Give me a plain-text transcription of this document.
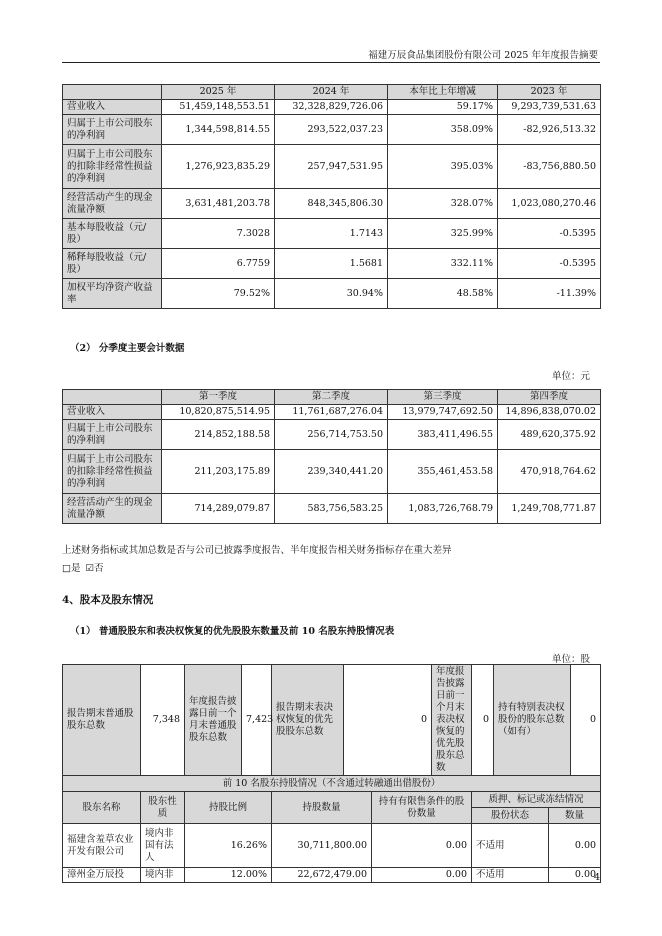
福建万辰食品集团股份有限公司 2025 年年度报告摘要
	2025 年	2024 年	本年比上年增减	2023 年
营业收入	51,459,148,553.51	32,328,829,726.06	59.17%	9,293,739,531.63
归属于上市公司股东的净利润	1,344,598,814.55	293,522,037.23	358.09%	-82,926,513.32
归属于上市公司股东的扣除非经常性损益的净利润	1,276,923,835.29	257,947,531.95	395.03%	-83,756,880.50
经营活动产生的现金流量净额	3,631,481,203.78	848,345,806.30	328.07%	1,023,080,270.46
基本每股收益（元/股）	7.3028	1.7143	325.99%	-0.5395
稀释每股收益（元/股）	6.7759	1.5681	332.11%	-0.5395
加权平均净资产收益率	79.52%	30.94%	48.58%	-11.39%
（2） 分季度主要会计数据
单位：元
	第一季度	第二季度	第三季度	第四季度
营业收入	10,820,875,514.95	11,761,687,276.04	13,979,747,692.50	14,896,838,070.02
归属于上市公司股东的净利润	214,852,188.58	256,714,753.50	383,411,496.55	489,620,375.92
归属于上市公司股东的扣除非经常性损益的净利润	211,203,175.89	239,340,441.20	355,461,453.58	470,918,764.62
经营活动产生的现金流量净额	714,289,079.87	583,756,583.25	1,083,726,768.79	1,249,708,771.87
上述财务指标或其加总数是否与公司已披露季度报告、半年度报告相关财务指标存在重大差异
□是 ☑否
4、股本及股东情况
（1） 普通股股东和表决权恢复的优先股股东数量及前 10 名股东持股情况表
单位：股
报告期末普通股股东总数	7,348	年度报告披露日前一个月末普通股股东总数	7,423	报告期末表决权恢复的优先股股东总数	0		年度报告披露日前一个月末表决权恢复的优先股股东总数	0	持有特别表决权股份的股东总数（如有）		0
前 10 名股东持股情况（不含通过转融通出借股份）											
股东名称	股东性质	持股比例		持股数量		持有有限售条件的股份数量		质押、标记或冻结情况			
								股份状态		数量	
福建含羞草农业开发有限公司	境内非国有法人	16.26%		30,711,800.00		0.00		不适用		0.00	
漳州金万辰投	境内非	12.00%		22,672,479.00		0.00		不适用		0.00	
4
